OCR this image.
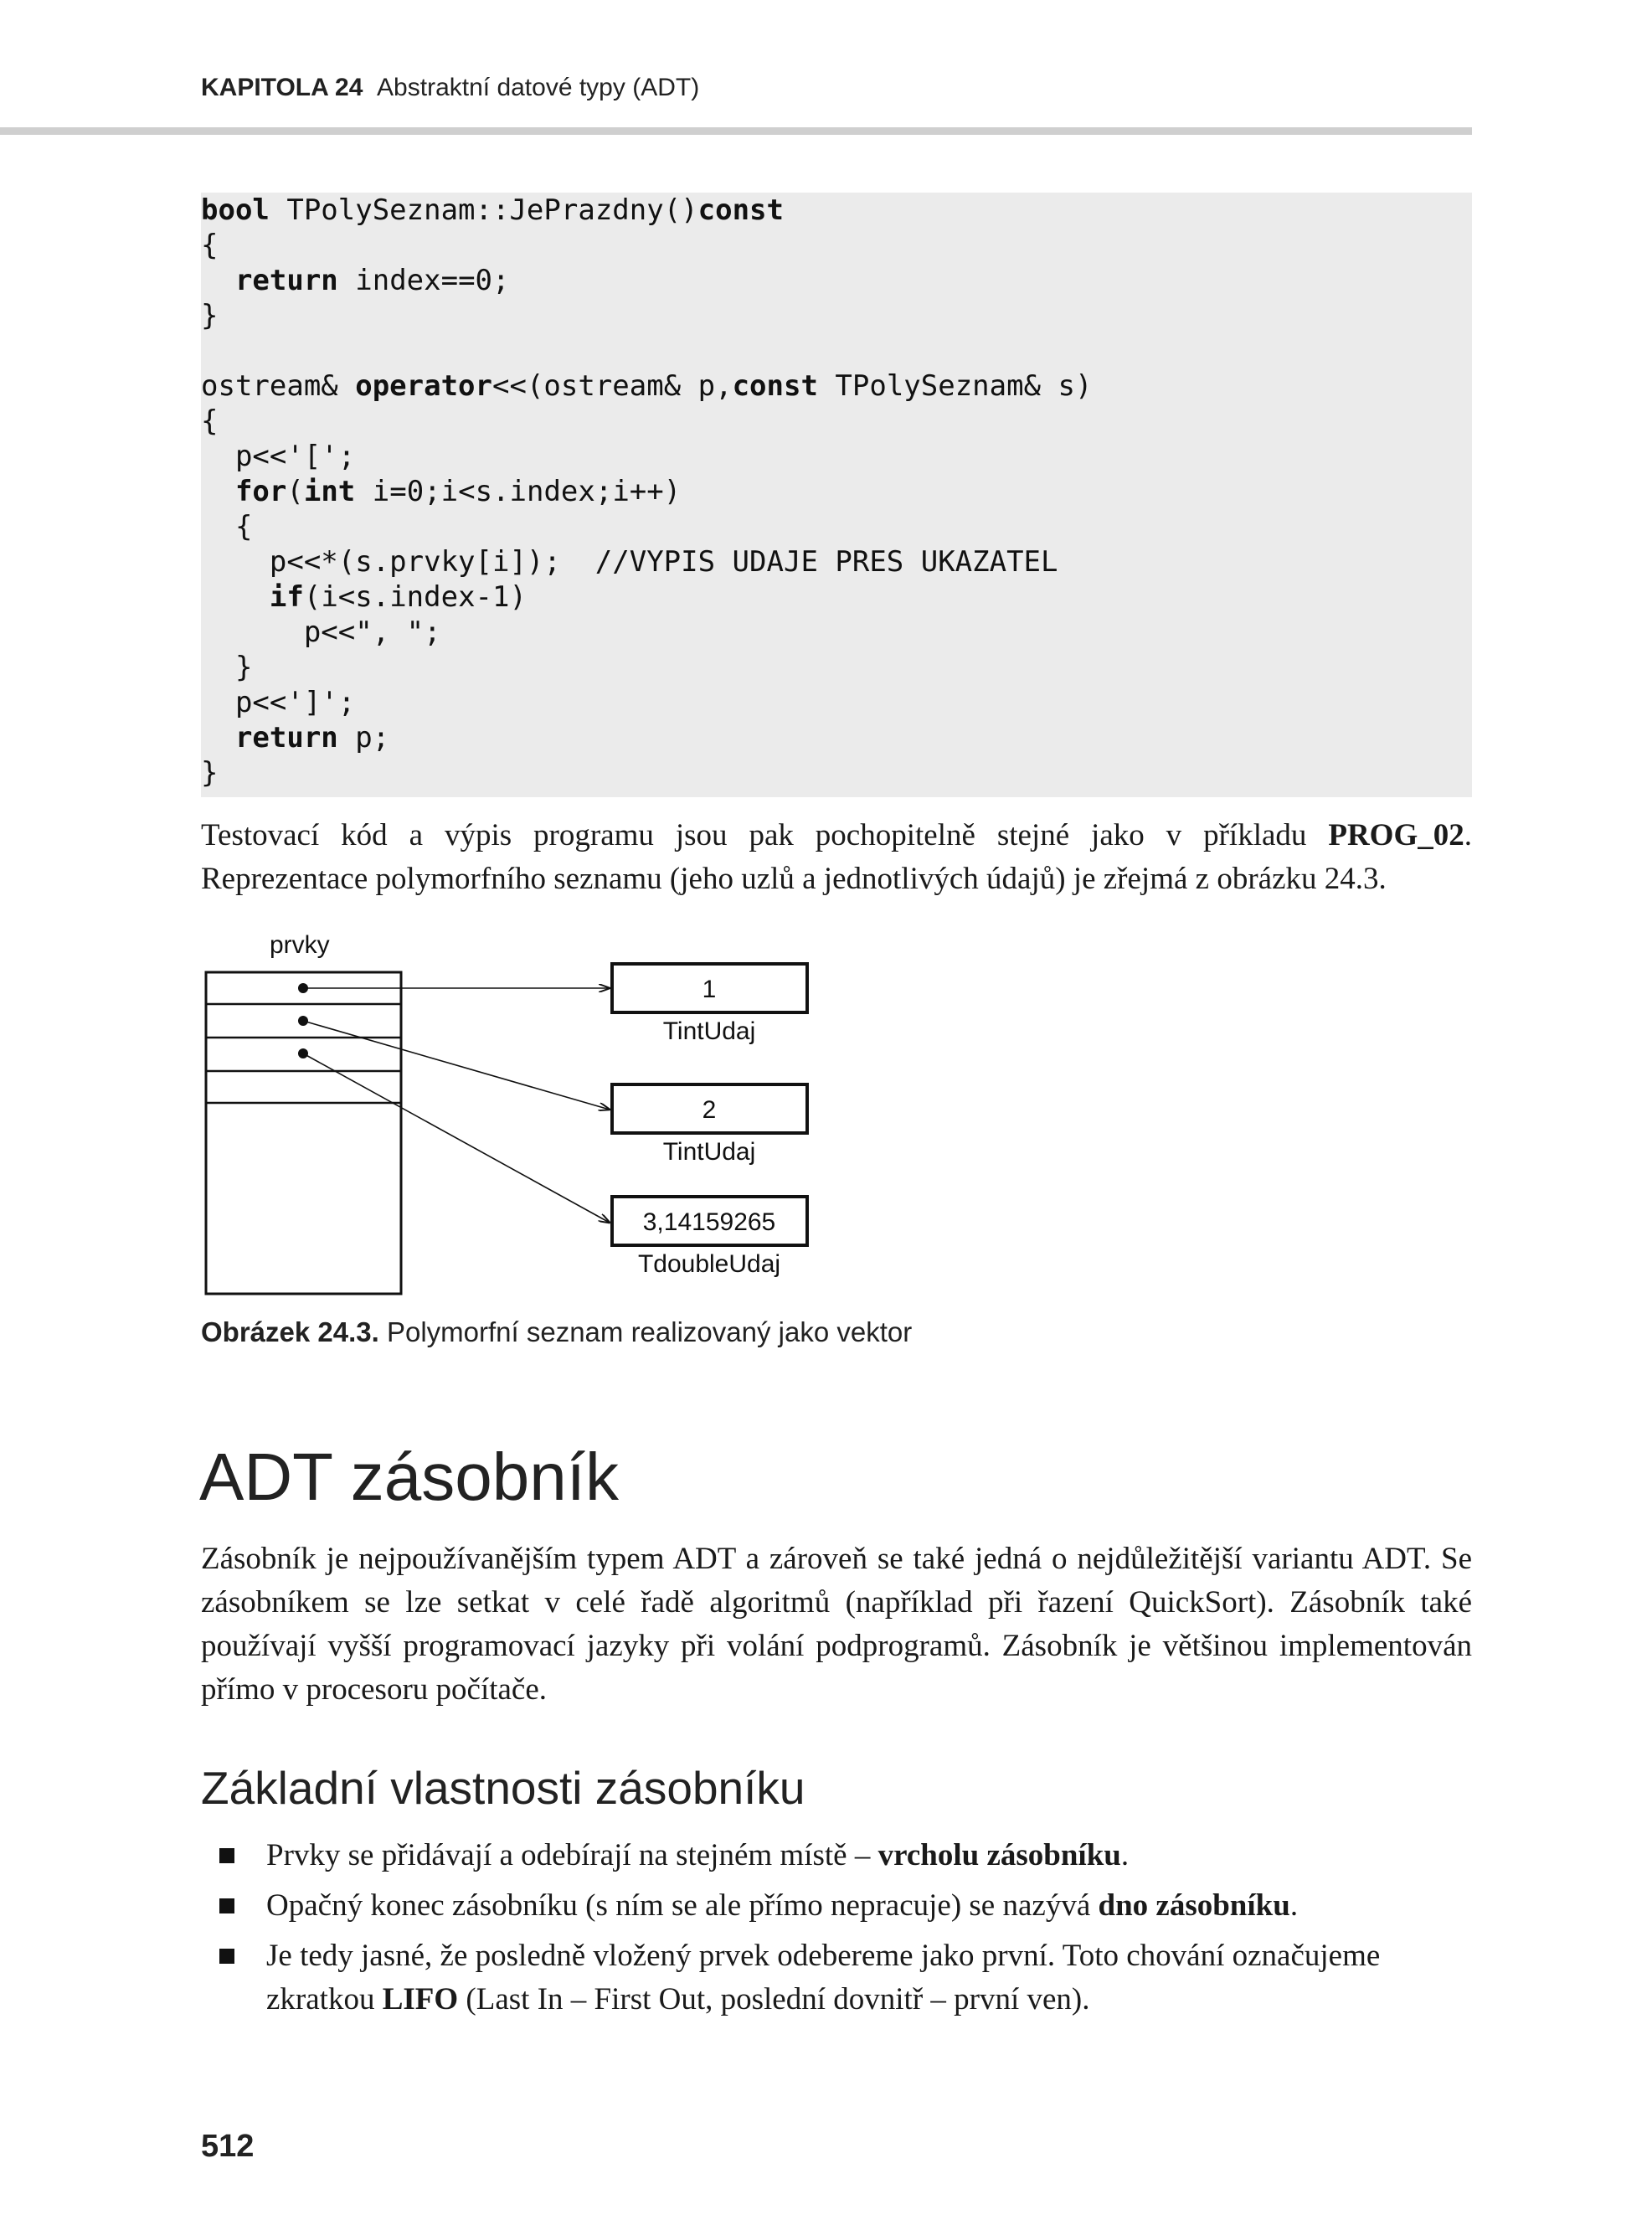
KAPITOLA 24 Abstraktní datové typy (ADT)
bool TPolySeznam::JePrazdny()const
{
return index==0;
}

ostream& operator<<(ostream& p,const TPolySeznam& s)
{
p<<'[';
for(int i=0;i<s.index;i++)
{
p<<*(s.prvky[i]);  //VYPIS UDAJE PRES UKAZATEL
if(i<s.index-1)
p<<", ";
}
p<<']';
return p;
}

Testovací kód a výpis programu jsou pak pochopitelně stejné jako v příkladu PROG_02. Reprezentace polymorfního seznamu (jeho uzlů a jednotlivých údajů) je zřejmá z obrázku 24.3.

prvky
1
TintUdaj
2
TintUdaj
3,14159265
TdoubleUdaj
Obrázek 24.3. Polymorfní seznam realizovaný jako vektor
ADT zásobník

Zásobník je nejpoužívanějším typem ADT a zároveň se také jedná o nejdůležitější variantu ADT. Se zásobníkem se lze setkat v celé řadě algoritmů (například při řazení QuickSort). Zásobník také používají vyšší programovací jazyky při volání podprogramů. Zásobník je většinou implementován přímo v procesoru počítače.

Základní vlastnosti zásobníku
Prvky se přidávají a odebírají na stejném místě – vrcholu zásobníku.
Opačný konec zásobníku (s ním se ale přímo nepracuje) se nazývá dno zásobníku.
Je tedy jasné, že posledně vložený prvek odebereme jako první. Toto chování označujeme zkratkou LIFO (Last In – First Out, poslední dovnitř – první ven).
512
